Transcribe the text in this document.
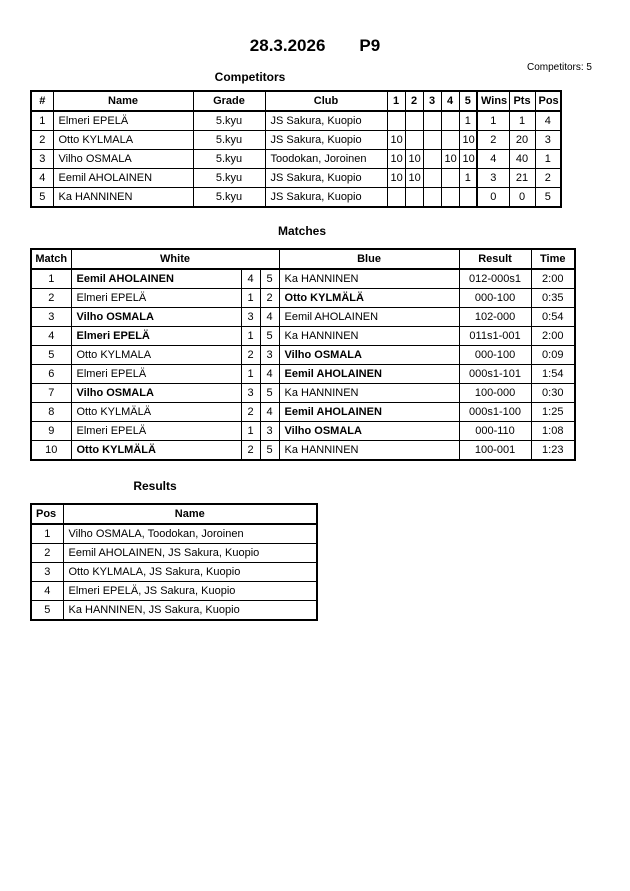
28.3.2026 P9
Competitors: 5
Competitors
#	Name	Grade	Club	1	2	3	4	5	Wins	Pts	Pos
1	Elmeri EPELÄ	5.kyu	JS Sakura, Kuopio					1	1	1	4
2	Otto KYLMALA	5.kyu	JS Sakura, Kuopio	10				10	2	20	3
3	Vilho OSMALA	5.kyu	Toodokan, Joroinen	10	10		10	10	4	40	1
4	Eemil AHOLAINEN	5.kyu	JS Sakura, Kuopio	10	10			1	3	21	2
5	Ka HANNINEN	5.kyu	JS Sakura, Kuopio						0	0	5
Matches
Match	White			Blue	Result	Time
1	Eemil AHOLAINEN	4	5	Ka HANNINEN	012-000s1	2:00
2	Elmeri EPELÄ	1	2	Otto KYLMÄLÄ	000-100	0:35
3	Vilho OSMALA	3	4	Eemil AHOLAINEN	102-000	0:54
4	Elmeri EPELÄ	1	5	Ka HANNINEN	011s1-001	2:00
5	Otto KYLMALA	2	3	Vilho OSMALA	000-100	0:09
6	Elmeri EPELÄ	1	4	Eemil AHOLAINEN	000s1-101	1:54
7	Vilho OSMALA	3	5	Ka HANNINEN	100-000	0:30
8	Otto KYLMÄLÄ	2	4	Eemil AHOLAINEN	000s1-100	1:25
9	Elmeri EPELÄ	1	3	Vilho OSMALA	000-110	1:08
10	Otto KYLMÄLÄ	2	5	Ka HANNINEN	100-001	1:23
Results
Pos	Name
1	Vilho OSMALA, Toodokan, Joroinen
2	Eemil AHOLAINEN, JS Sakura, Kuopio
3	Otto KYLMALA, JS Sakura, Kuopio
4	Elmeri EPELÄ, JS Sakura, Kuopio
5	Ka HANNINEN, JS Sakura, Kuopio
